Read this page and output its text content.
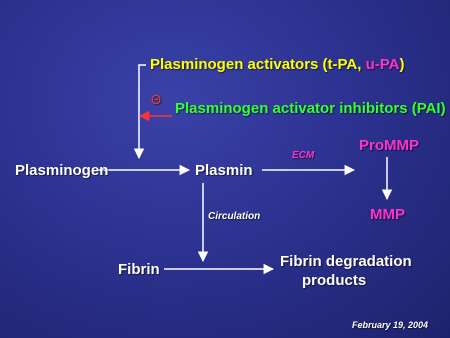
Plasminogen activators (t-PA, u-PA)
Θ
Plasminogen activator inhibitors (PAI)
ProMMP
ECM
Plasminogen	Plasmin
MMP
Circulation
Fibrin degradation
products
Fibrin
February 19, 2004
